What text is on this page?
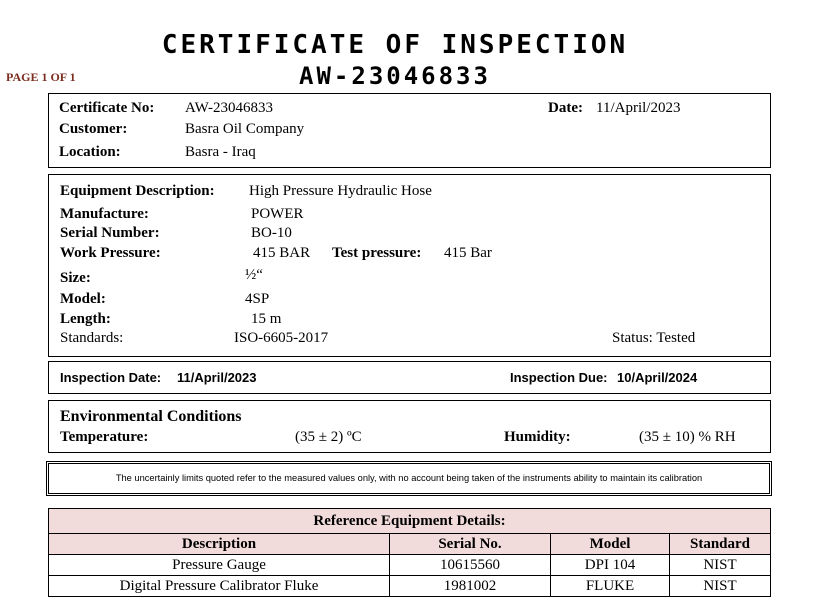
CERTIFICATE OF INSPECTION
AW-23046833
PAGE 1 OF 1
Certificate No: AW-23046833	Date: 11/April/2023
Customer:	Basra Oil Company
Location:	Basra - Iraq
Equipment Description: High Pressure Hydraulic Hose
Manufacture:	POWER
Serial Number:	BO-10
Work Pressure:	415 BAR Test pressure: 415 Bar
Size:	½“
Model:	4SP
Length:	15 m
Standards:	ISO-6605-2017	Status: Tested
Inspection Date: 11/April/2023	Inspection Due: 10/April/2024
Environmental Conditions
Temperature:	(35 ± 2) ºC	Humidity:	(35 ± 10) % RH
The uncertainly limits quoted refer to the measured values only, with no account being taken of the instruments ability to maintain its calibration
Reference Equipment Details:			
Description	Serial No.	Model	Standard
Pressure Gauge	10615560	DPI 104	NIST
Digital Pressure Calibrator Fluke	1981002	FLUKE	NIST
